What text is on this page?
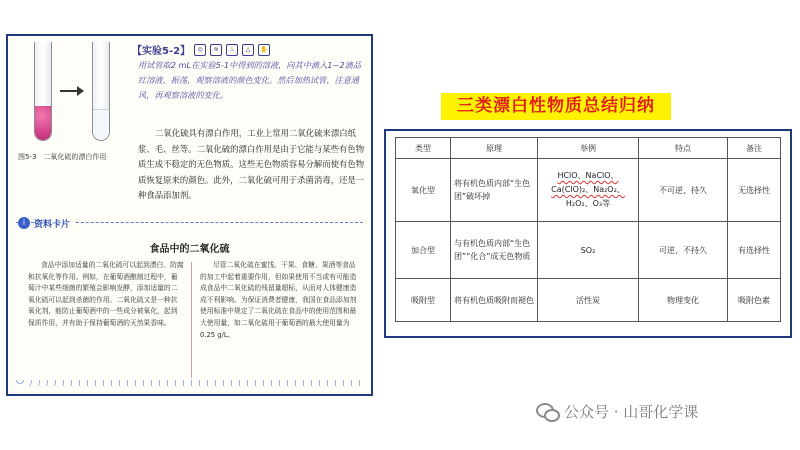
图5-3　二氧化硫的漂白作用
【实验5-2】	◎	≋	♨	△	✋
用试管取2 mL在实验5-1中得到的溶液，向其中滴入1~2滴品红溶液，振荡，观察溶液的颜色变化。然后加热试管，注意通风，再观察溶液的变化。
二氧化硫具有漂白作用，工业上常用二氧化硫来漂白纸浆、毛、丝等。二氧化硫的漂白作用是由于它能与某些有色物质生成不稳定的无色物质。这些无色物质容易分解而使有色物质恢复原来的颜色。此外，二氧化硫可用于杀菌消毒，还是一种食品添加剂。
i 资料卡片
食品中的二氧化硫
食品中添加适量的二氧化硫可以起到漂白、防腐和抗氧化等作用。例如，在葡萄酒酿制过程中，葡萄汁中某些细菌的繁殖会影响发酵，添加适量的二氧化硫可以起到杀菌的作用。二氧化硫又是一种抗氧化剂，能防止葡萄酒中的一些成分被氧化，起到保质作用，并有助于保持葡萄酒的天然果香味。
尽管二氧化硫在蜜饯、干果、食糖、果酒等食品的加工中起着重要作用，但如果使用不当或有可能造成食品中二氧化硫的残留量超标，从而对人体健康造成不利影响。为保证消费者健康，我国在食品添加剂使用标准中规定了二氧化硫在食品中的使用范围和最大使用量，如二氧化硫用于葡萄酒的最大使用量为0.25 g/L。
三类漂白性物质总结归纳
类型	原理	举例	特点	备注
氧化型	将有机色质内部“生色团”破坏掉	HClO、NaClO、
Ca(ClO)₂、Na₂O₂、
H₂O₂、O₃等	不可逆、持久	无选择性
加合型	与有机色质内部“生色团”“化合”成无色物质	SO₂	可逆、不持久	有选择性
吸附型	将有机色质吸附而褪色	活性炭	物理变化	吸附色素
公众号 · 山哥化学课
